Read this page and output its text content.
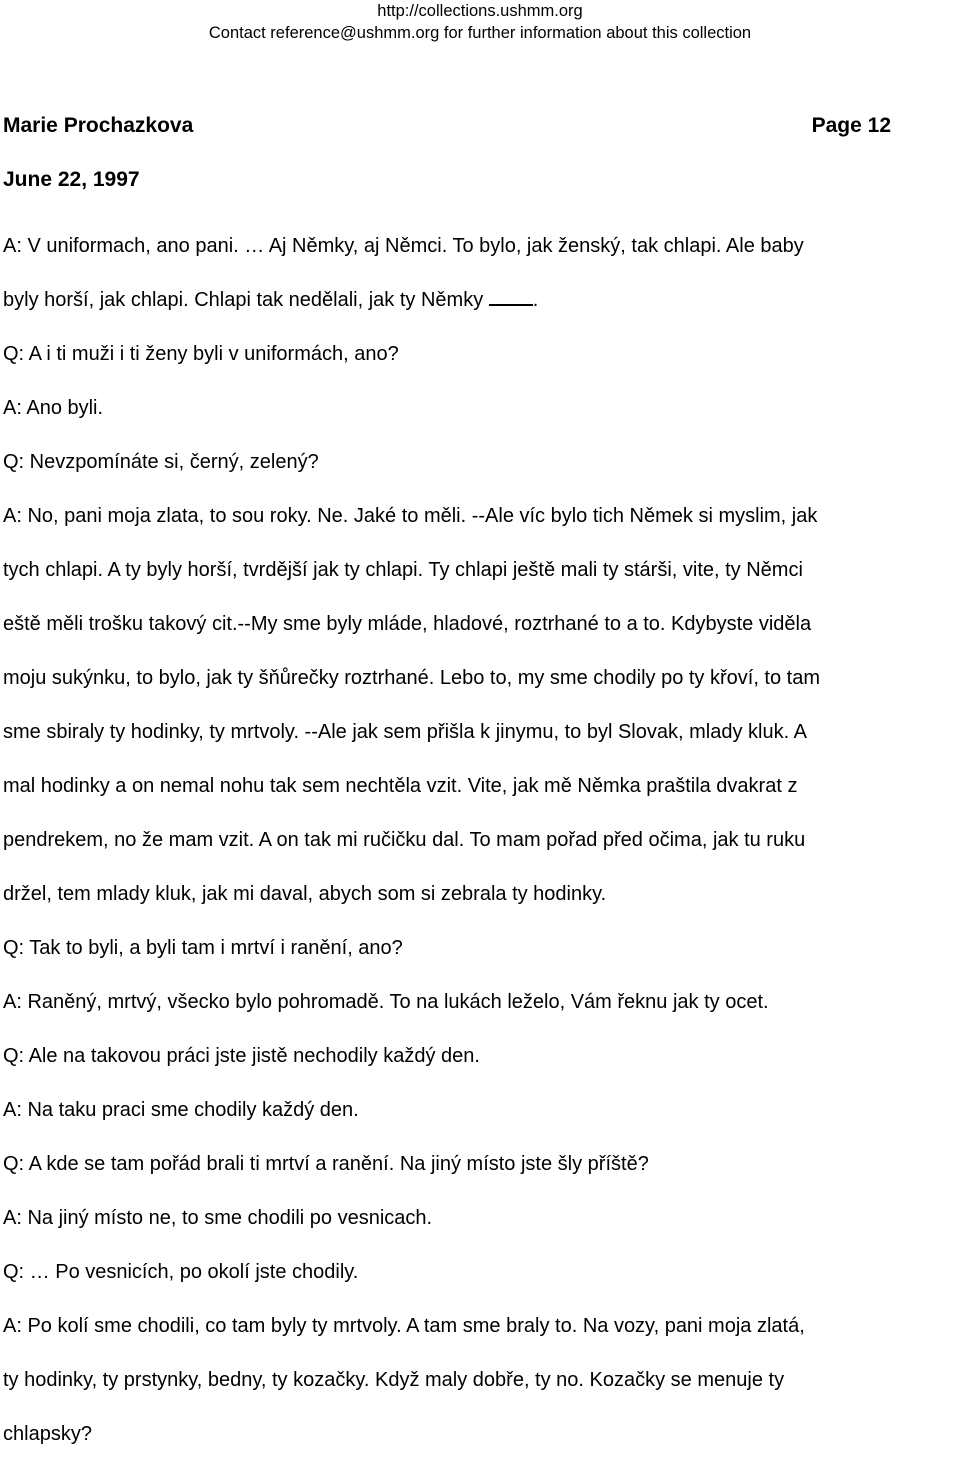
http://collections.ushmm.org
Contact reference@ushmm.org for further information about this collection
Marie Prochazkova	Page 12
June 22, 1997
A: V uniformach, ano pani. … Aj Němky, aj Němci. To bylo, jak ženský, tak chlapi. Ale baby
byly horší, jak chlapi. Chlapi tak nedělali, jak ty Němky .
Q: A i ti muži i ti ženy byli v uniformách, ano?
A: Ano byli.
Q: Nevzpomínáte si, černý, zelený?
A: No, pani moja zlata, to sou roky. Ne. Jaké to měli. --Ale víc bylo tich Němek si myslim, jak
tych chlapi. A ty byly horší, tvrdější jak ty chlapi. Ty chlapi ještě mali ty stárši, vite, ty Němci
eště měli trošku takový cit.--My sme byly mláde, hladové, roztrhané to a to. Kdybyste viděla
moju sukýnku, to bylo, jak ty šňůrečky roztrhané. Lebo to, my sme chodily po ty křoví, to tam
sme sbiraly ty hodinky, ty mrtvoly. --Ale jak sem přišla k jinymu, to byl Slovak, mlady kluk. A
mal hodinky a on nemal nohu tak sem nechtěla vzit. Vite, jak mě Němka praštila dvakrat z
pendrekem, no že mam vzit. A on tak mi ručičku dal. To mam pořad před očima, jak tu ruku
držel, tem mlady kluk, jak mi daval, abych som si zebrala ty hodinky.
Q: Tak to byli, a byli tam i mrtví i ranění, ano?
A: Raněný, mrtvý, všecko bylo pohromadě. To na lukách leželo, Vám řeknu jak ty ocet.
Q: Ale na takovou práci jste jistě nechodily každý den.
A: Na taku praci sme chodily každý den.
Q: A kde se tam pořád brali ti mrtví a ranění. Na jiný místo jste šly příště?
A: Na jiný místo ne, to sme chodili po vesnicach.
Q: … Po vesnicích, po okolí jste chodily.
A: Po kolí sme chodili, co tam byly ty mrtvoly. A tam sme braly to. Na vozy, pani moja zlatá,
ty hodinky, ty prstynky, bedny, ty kozačky. Když maly dobře, ty no. Kozačky se menuje ty
chlapsky?
